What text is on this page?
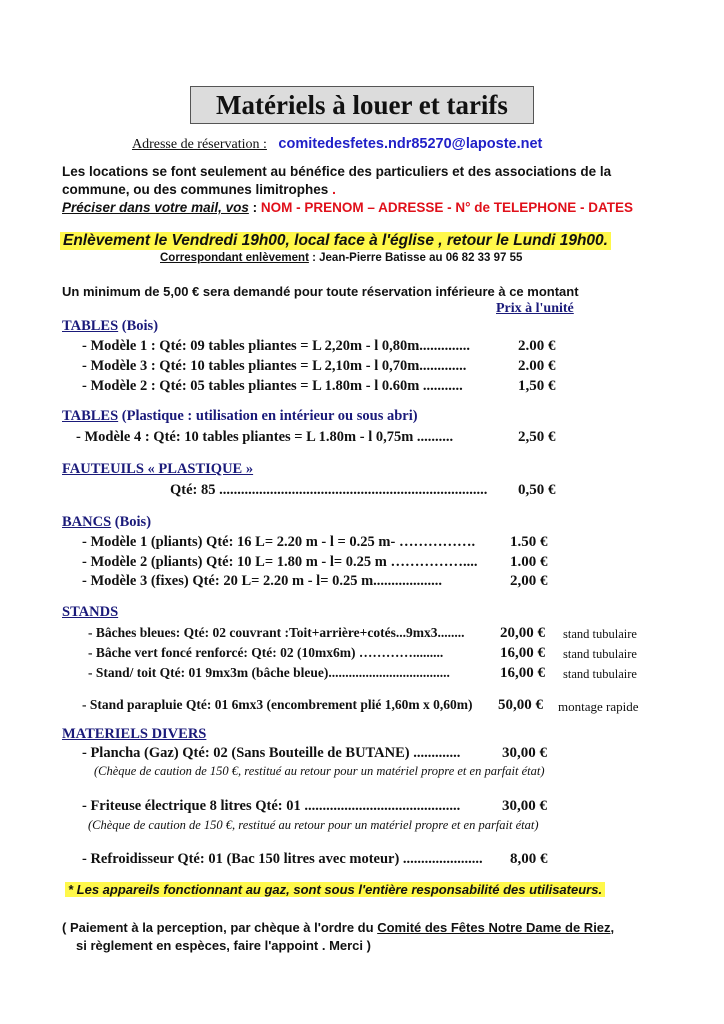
Matériels à louer et tarifs
Adresse de réservation : comitedesfetes.ndr85270@laposte.net
Les locations se font seulement au bénéfice des particuliers et des associations de la
commune, ou des communes limitrophes .
Préciser dans votre mail, vos : NOM - PRENOM – ADRESSE - N° de TELEPHONE - DATES
Enlèvement le Vendredi 19h00, local face à l'église , retour le Lundi 19h00.
Correspondant enlèvement : Jean-Pierre Batisse au 06 82 33 97 55
Un minimum de 5,00 € sera demandé pour toute réservation inférieure à ce montant
Prix à l'unité
TABLES (Bois)
- Modèle 1 : Qté: 09 tables pliantes = L 2,20m - l 0,80m..............	2.00 €
- Modèle 3 : Qté: 10 tables pliantes = L 2,10m - l 0,70m.............	2.00 €
- Modèle 2 : Qté: 05 tables pliantes = L 1.80m - l 0.60m ...........	1,50 €
TABLES (Plastique : utilisation en intérieur ou sous abri)
- Modèle 4 : Qté: 10 tables pliantes = L 1.80m - l 0,75m ..........	2,50 €
FAUTEUILS « PLASTIQUE »
Qté: 85 .......................................................................... 0,50 €
BANCS (Bois)
- Modèle 1 (pliants) Qté: 16 L= 2.20 m - l = 0.25 m- ……………. 1.50 €
- Modèle 2 (pliants) Qté: 10 L= 1.80 m - l= 0.25 m …………….... 1.00 €
- Modèle 3 (fixes) Qté: 20 L= 2.20 m - l= 0.25 m...................	2,00 €
STANDS
- Bâches bleues: Qté: 02 couvrant :Toit+arrière+cotés...9mx3........ 20,00 € stand tubulaire
- Bâche vert foncé renforcé: Qté: 02 (10mx6m) ………….........	16,00 € stand tubulaire
- Stand/ toit Qté: 01 9mx3m (bâche bleue)....................................	16,00 € stand tubulaire
- Stand parapluie Qté: 01 6mx3 (encombrement plié 1,60m x 0,60m) 50,00 € montage rapide
MATERIELS DIVERS
- Plancha (Gaz) Qté: 02 (Sans Bouteille de BUTANE) .............	30,00 €
(Chèque de caution de 150 €, restitué au retour pour un matériel propre et en parfait état)
- Friteuse électrique 8 litres Qté: 01 ...........................................	30,00 €
(Chèque de caution de 150 €, restitué au retour pour un matériel propre et en parfait état)
- Refroidisseur Qté: 01 (Bac 150 litres avec moteur) ...................... 8,00 €
* Les appareils fonctionnant au gaz, sont sous l'entière responsabilité des utilisateurs.
( Paiement à la perception, par chèque à l'ordre du Comité des Fêtes Notre Dame de Riez,
si règlement en espèces, faire l'appoint . Merci )
